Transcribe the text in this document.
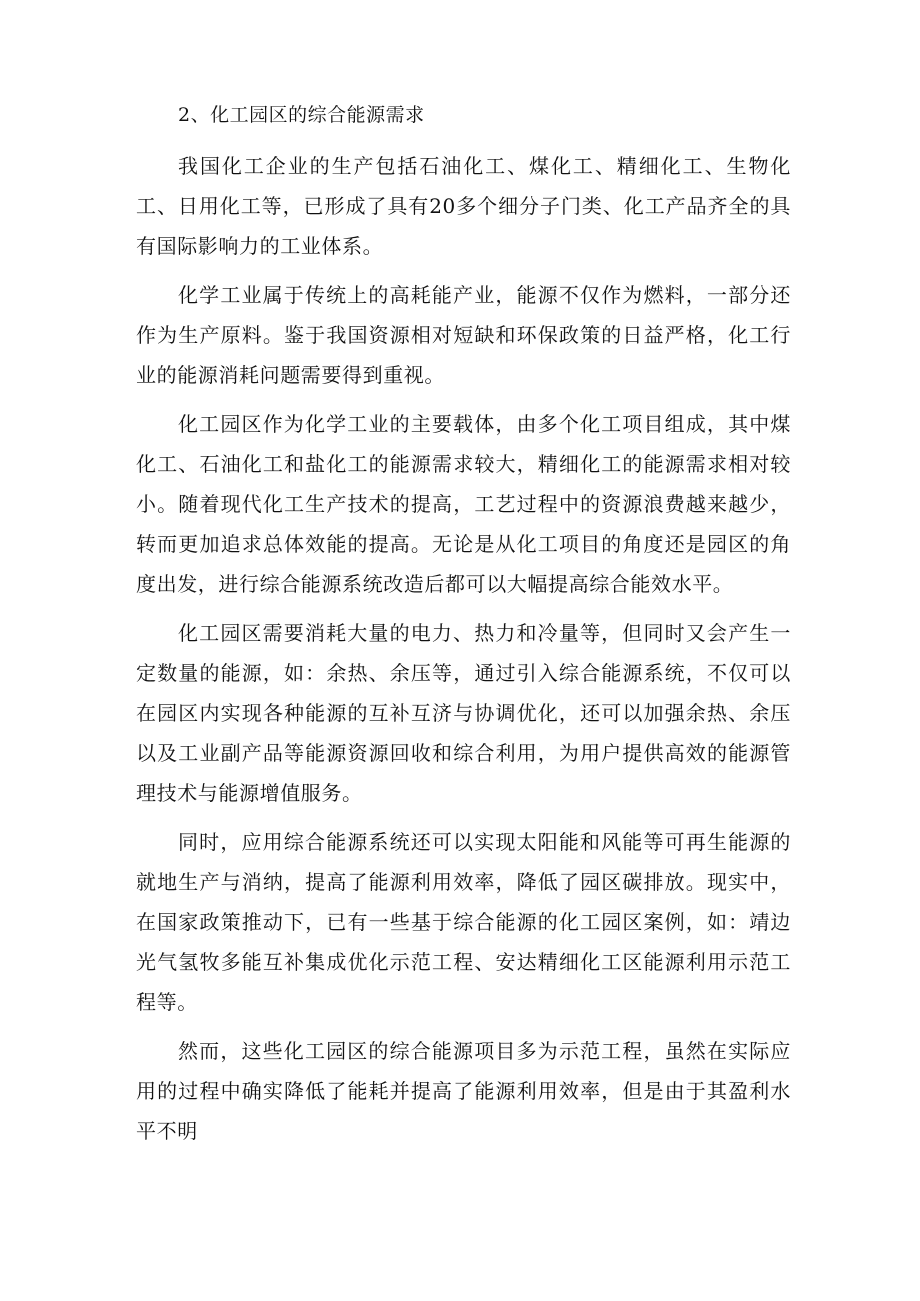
2、化工园区的综合能源需求

我国化工企业的生产包括石油化工、煤化工、精细化工、生物化工、日用化工等，已形成了具有20多个细分子门类、化工产品齐全的具有国际影响力的工业体系。

化学工业属于传统上的高耗能产业，能源不仅作为燃料，一部分还作为生产原料。鉴于我国资源相对短缺和环保政策的日益严格，化工行业的能源消耗问题需要得到重视。

化工园区作为化学工业的主要载体，由多个化工项目组成，其中煤化工、石油化工和盐化工的能源需求较大，精细化工的能源需求相对较小。随着现代化工生产技术的提高，工艺过程中的资源浪费越来越少，转而更加追求总体效能的提高。无论是从化工项目的角度还是园区的角度出发，进行综合能源系统改造后都可以大幅提高综合能效水平。

化工园区需要消耗大量的电力、热力和冷量等，但同时又会产生一定数量的能源，如：余热、余压等，通过引入综合能源系统，不仅可以在园区内实现各种能源的互补互济与协调优化，还可以加强余热、余压以及工业副产品等能源资源回收和综合利用，为用户提供高效的能源管理技术与能源增值服务。

同时，应用综合能源系统还可以实现太阳能和风能等可再生能源的就地生产与消纳，提高了能源利用效率，降低了园区碳排放。现实中，在国家政策推动下，已有一些基于综合能源的化工园区案例，如：靖边光气氢牧多能互补集成优化示范工程、安达精细化工区能源利用示范工程等。

然而，这些化工园区的综合能源项目多为示范工程，虽然在实际应用的过程中确实降低了能耗并提高了能源利用效率，但是由于其盈利水平不明
